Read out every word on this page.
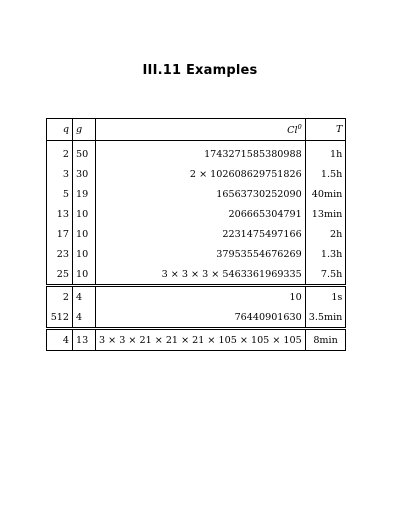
III.11 Examples
q	g	Cl$^0$	T

2	50	1743271585380988	1h
3	30	2 × 102608629751826	1.5h
5	19	16563730252090	40min
13	10	206665304791	13min
17	10	2231475497166	2h
23	10	37953554676269	1.3h
25	10	3 × 3 × 3 × 5463361969335	7.5h
2	4	10	1s
512	4	76440901630	3.5min
4	13	3 × 3 × 21 × 21 × 21 × 105 × 105 × 105	8min
